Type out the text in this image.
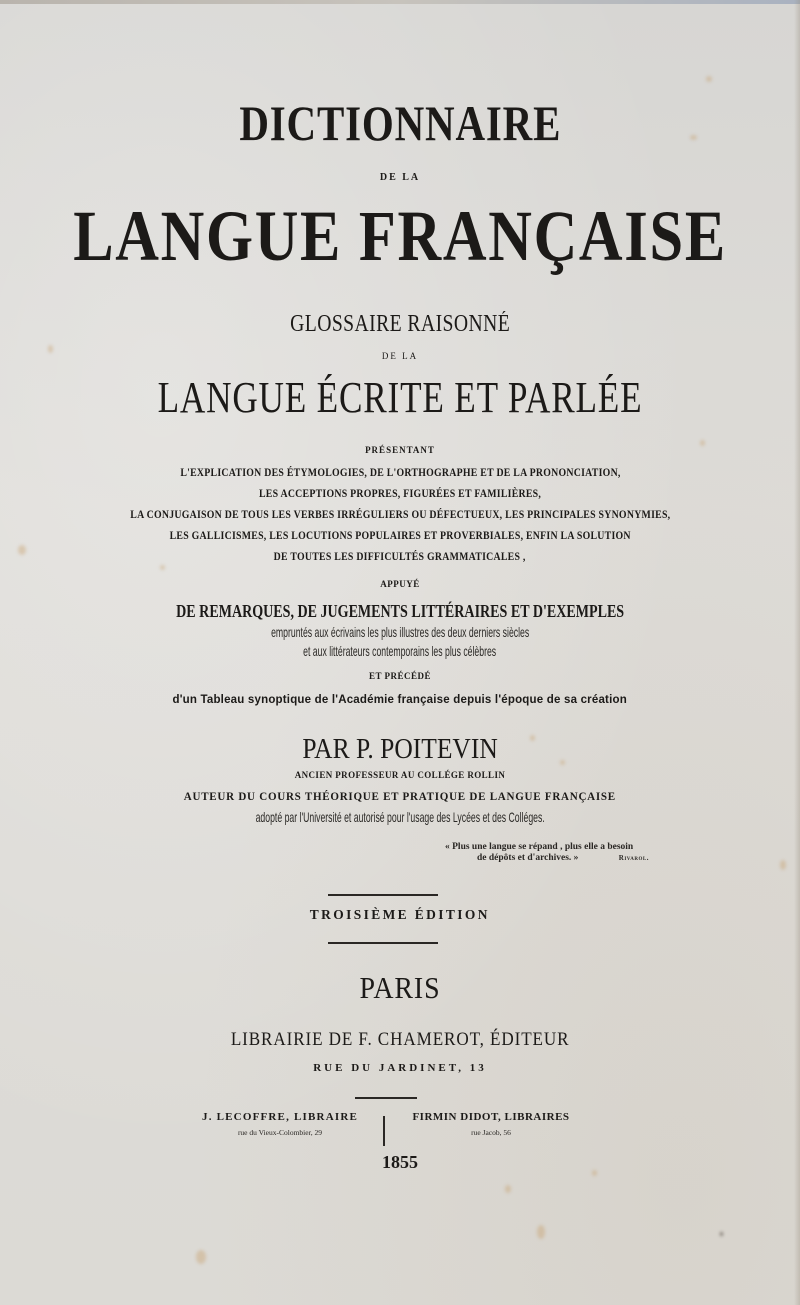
DICTIONNAIRE
DE LA
LANGUE FRANÇAISE
GLOSSAIRE RAISONNÉ
DE LA
LANGUE ÉCRITE ET PARLÉE
PRÉSENTANT
L'EXPLICATION DES ÉTYMOLOGIES, DE L'ORTHOGRAPHE ET DE LA PRONONCIATION,
LES ACCEPTIONS PROPRES, FIGURÉES ET FAMILIÈRES,
LA CONJUGAISON DE TOUS LES VERBES IRRÉGULIERS OU DÉFECTUEUX, LES PRINCIPALES SYNONYMIES,
LES GALLICISMES, LES LOCUTIONS POPULAIRES ET PROVERBIALES, ENFIN LA SOLUTION
DE TOUTES LES DIFFICULTÉS GRAMMATICALES ,
APPUYÉ
DE REMARQUES, DE JUGEMENTS LITTÉRAIRES ET D'EXEMPLES
empruntés aux écrivains les plus illustres des deux derniers siècles
et aux littérateurs contemporains les plus célèbres
ET PRÉCÉDÉ
d'un Tableau synoptique de l'Académie française depuis l'époque de sa création
PAR P. POITEVIN
ANCIEN PROFESSEUR AU COLLÉGE ROLLIN
AUTEUR DU COURS THÉORIQUE ET PRATIQUE DE LANGUE FRANÇAISE
adopté par l'Université et autorisé pour l'usage des Lycées et des Colléges.
« Plus une langue se répand , plus elle a besoin
de dépôts et d'archives. »	Rivarol.
TROISIÈME ÉDITION
PARIS
LIBRAIRIE DE F. CHAMEROT, ÉDITEUR
RUE DU JARDINET, 13
J. LECOFFRE, LIBRAIRE
rue du Vieux-Colombier, 29
FIRMIN DIDOT, LIBRAIRES
rue Jacob, 56
1855
